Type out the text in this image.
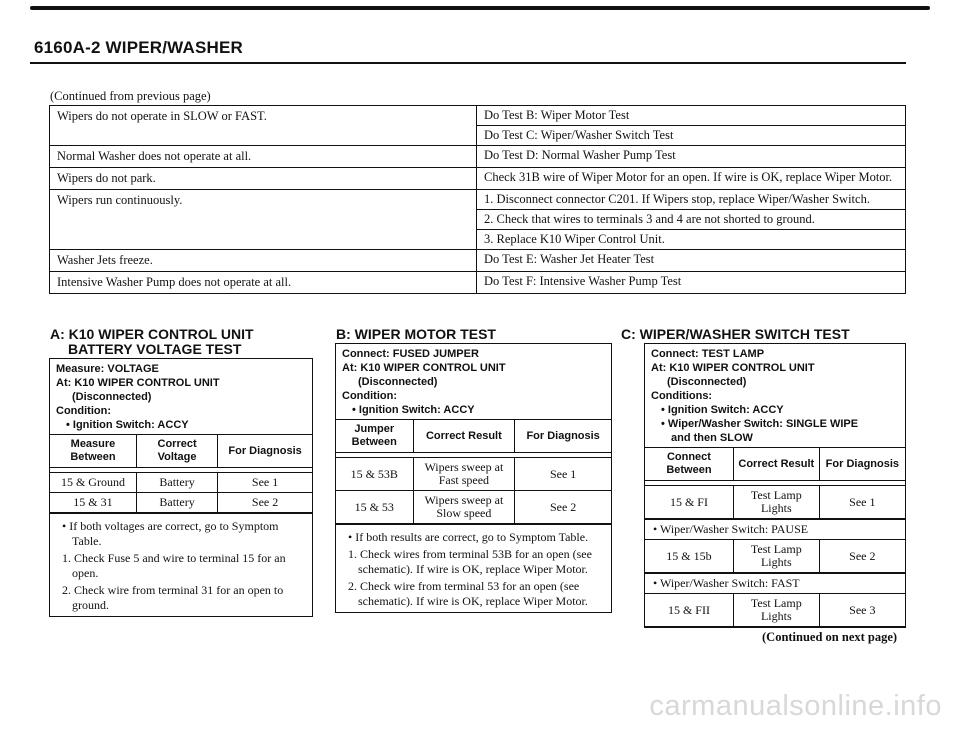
6160A-2 WIPER/WASHER
(Continued from previous page)
Wipers do not operate in SLOW or FAST.	Do Test B: Wiper Motor Test
Do Test C: Wiper/Washer Switch Test

Normal Washer does not operate at all.	Do Test D: Normal Washer Pump Test

Wipers do not park.	Check 31B wire of Wiper Motor for an open. If wire is OK, replace Wiper Motor.

Wipers run continuously.	1. Disconnect connector C201. If Wipers stop, replace Wiper/Washer Switch.
2. Check that wires to terminals 3 and 4 are not shorted to ground.
3. Replace K10 Wiper Control Unit.

Washer Jets freeze.	Do Test E: Washer Jet Heater Test

Intensive Washer Pump does not operate at all.	Do Test F: Intensive Washer Pump Test
A: K10 WIPER CONTROL UNIT
BATTERY VOLTAGE TEST
Measure: VOLTAGE
At: K10 WIPER CONTROL UNIT
(Disconnected)
Condition:
• Ignition Switch: ACCY
Measure Between	Correct Voltage	For Diagnosis

15 & Ground	Battery	See 1
15 & 31	Battery	See 2
• If both voltages are correct, go to Symptom Table.
1. Check Fuse 5 and wire to terminal 15 for an open.
2. Check wire from terminal 31 for an open to ground.
B: WIPER MOTOR TEST
Connect: FUSED JUMPER
At: K10 WIPER CONTROL UNIT
(Disconnected)
Condition:
• Ignition Switch: ACCY
Jumper Between	Correct Result	For Diagnosis

15 & 53B	Wipers sweep at Fast speed	See 1
15 & 53	Wipers sweep at Slow speed	See 2
• If both results are correct, go to Symptom Table.
1. Check wires from terminal 53B for an open (see schematic). If wire is OK, replace Wiper Motor.
2. Check wire from terminal 53 for an open (see schematic). If wire is OK, replace Wiper Motor.
C: WIPER/WASHER SWITCH TEST
Connect: TEST LAMP
At: K10 WIPER CONTROL UNIT
(Disconnected)
Conditions:
• Ignition Switch: ACCY
• Wiper/Washer Switch: SINGLE WIPE
and then SLOW
Connect Between	Correct Result	For Diagnosis

15 & FI	Test Lamp Lights	See 1
• Wiper/Washer Switch: PAUSE
15 & 15b	Test Lamp Lights	See 2
• Wiper/Washer Switch: FAST
15 & FII	Test Lamp Lights	See 3
(Continued on next page)
carmanualsonline.info
